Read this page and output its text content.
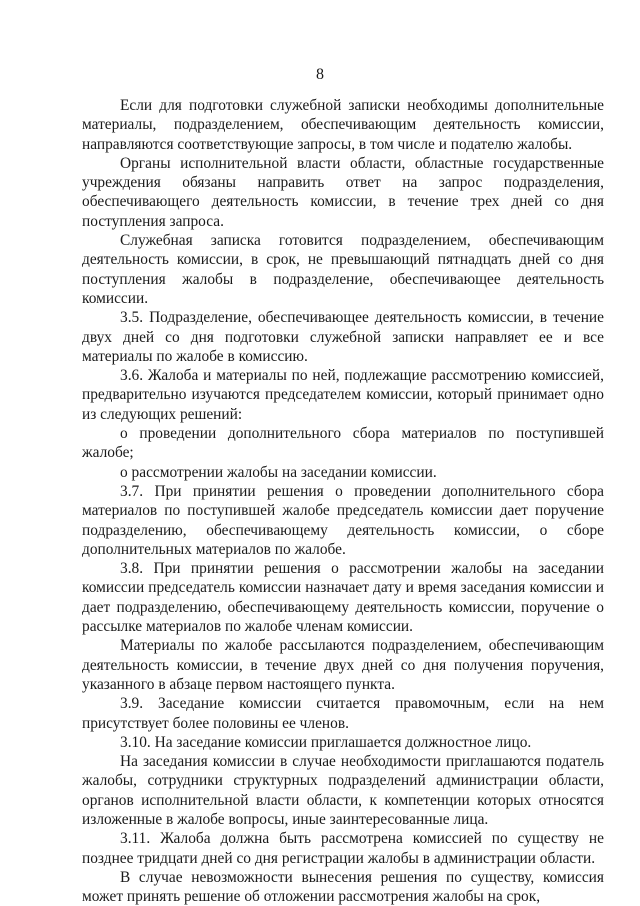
8

Если для подготовки служебной записки необходимы дополнительные материалы, подразделением, обеспечивающим деятельность комиссии, направляются соответствующие запросы, в том числе и подателю жалобы.

Органы исполнительной власти области, областные государственные учреждения обязаны направить ответ на запрос подразделения, обеспечивающего деятельность комиссии, в течение трех дней со дня поступления запроса.

Служебная записка готовится подразделением, обеспечивающим деятельность комиссии, в срок, не превышающий пятнадцать дней со дня поступления жалобы в подразделение, обеспечивающее деятельность комиссии.

3.5. Подразделение, обеспечивающее деятельность комиссии, в течение двух дней со дня подготовки служебной записки направляет ее и все материалы по жалобе в комиссию.

3.6. Жалоба и материалы по ней, подлежащие рассмотрению комиссией, предварительно изучаются председателем комиссии, который принимает одно из следующих решений:

о проведении дополнительного сбора материалов по поступившей жалобе;

о рассмотрении жалобы на заседании комиссии.

3.7. При принятии решения о проведении дополнительного сбора материалов по поступившей жалобе председатель комиссии дает поручение подразделению, обеспечивающему деятельность комиссии, о сборе дополнительных материалов по жалобе.

3.8. При принятии решения о рассмотрении жалобы на заседании комиссии председатель комиссии назначает дату и время заседания комиссии и дает подразделению, обеспечивающему деятельность комиссии, поручение о рассылке материалов по жалобе членам комиссии.

Материалы по жалобе рассылаются подразделением, обеспечивающим деятельность комиссии, в течение двух дней со дня получения поручения, указанного в абзаце первом настоящего пункта.

3.9. Заседание комиссии считается правомочным, если на нем присутствует более половины ее членов.

3.10. На заседание комиссии приглашается должностное лицо.

На заседания комиссии в случае необходимости приглашаются податель жалобы, сотрудники структурных подразделений администрации области, органов исполнительной власти области, к компетенции которых относятся изложенные в жалобе вопросы, иные заинтересованные лица.

3.11. Жалоба должна быть рассмотрена комиссией по существу не позднее тридцати дней со дня регистрации жалобы в администрации области.

В случае невозможности вынесения решения по существу, комиссия может принять решение об отложении рассмотрения жалобы на срок,
